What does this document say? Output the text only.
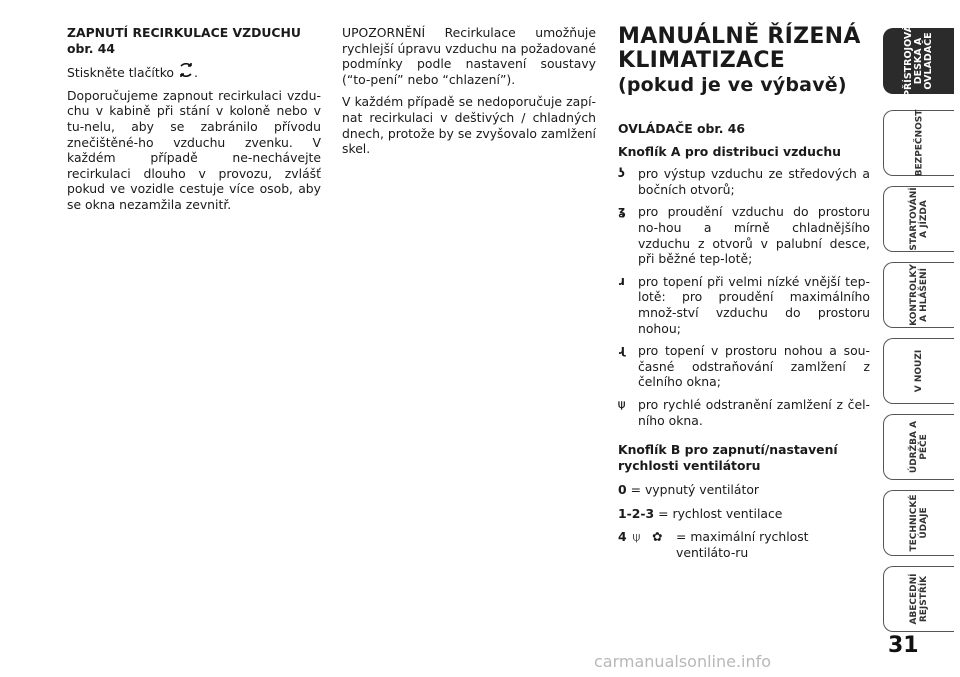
ZAPNUTÍ RECIRKULACE VZDUCHU obr. 44

Stiskněte tlačítko .

Doporučujeme zapnout recirkulaci vzdu-chu v kabině při stání v koloně nebo v tu-nelu, aby se zabránilo přívodu znečištěné-ho vzduchu zvenku. V každém případě ne-nechávejte recirkulaci dlouho v provozu, zvlášť pokud ve vozidle cestuje více osob, aby se okna nezamžila zevnitř.

UPOZORNĚNÍ Recirkulace umožňuje rychlejší úpravu vzduchu na požadované podmínky podle nastavení soustavy (“to-pení” nebo “chlazení”).

V každém případě se nedoporučuje zapí-nat recirkulaci v deštivých / chladných dnech, protože by se zvyšovalo zamlžení skel.

MANUÁLNĚ ŘÍZENÁ
KLIMATIZACE
(pokud je ve výbavě)
OVLÁDAČE obr. 46
Knoflík A pro distribuci vzduchu
ʖ	pro výstup vzduchu ze středových a bočních otvorů;
ʓ pro proudění vzduchu do prostoru no-hou a mírně chladnějšího vzduchu z otvorů v palubní desce, při běžné tep-lotě;
ɹ	pro topení při velmi nízké vnější tep-lotě: pro proudění maximálního množ-ství vzduchu do prostoru nohou;
ɻ pro topení v prostoru nohou a sou-časné odstraňování zamlžení z čelního okna;
⍦	pro rychlé odstranění zamlžení z čel-ního okna.
Knoflík B pro zapnutí/nastavení rychlosti ventilátoru
0 = vypnutý ventilátor
1-2-3 = rychlost ventilace
4 ⍦ ✿ = maximální rychlost ventiláto-ru
PŘÍSTROJOVÁ DESKA A OVLADAČE
BEZPEČNOST
STARTOVÁNÍ A JÍZDA
KONTROLKY A HLÁŠENÍ
V NOUZI
ÚDRŽBA A PÉČE
TECHNICKÉ ÚDAJE
ABECEDNÍ REJSTŘÍK
31
carmanualsonline.info
